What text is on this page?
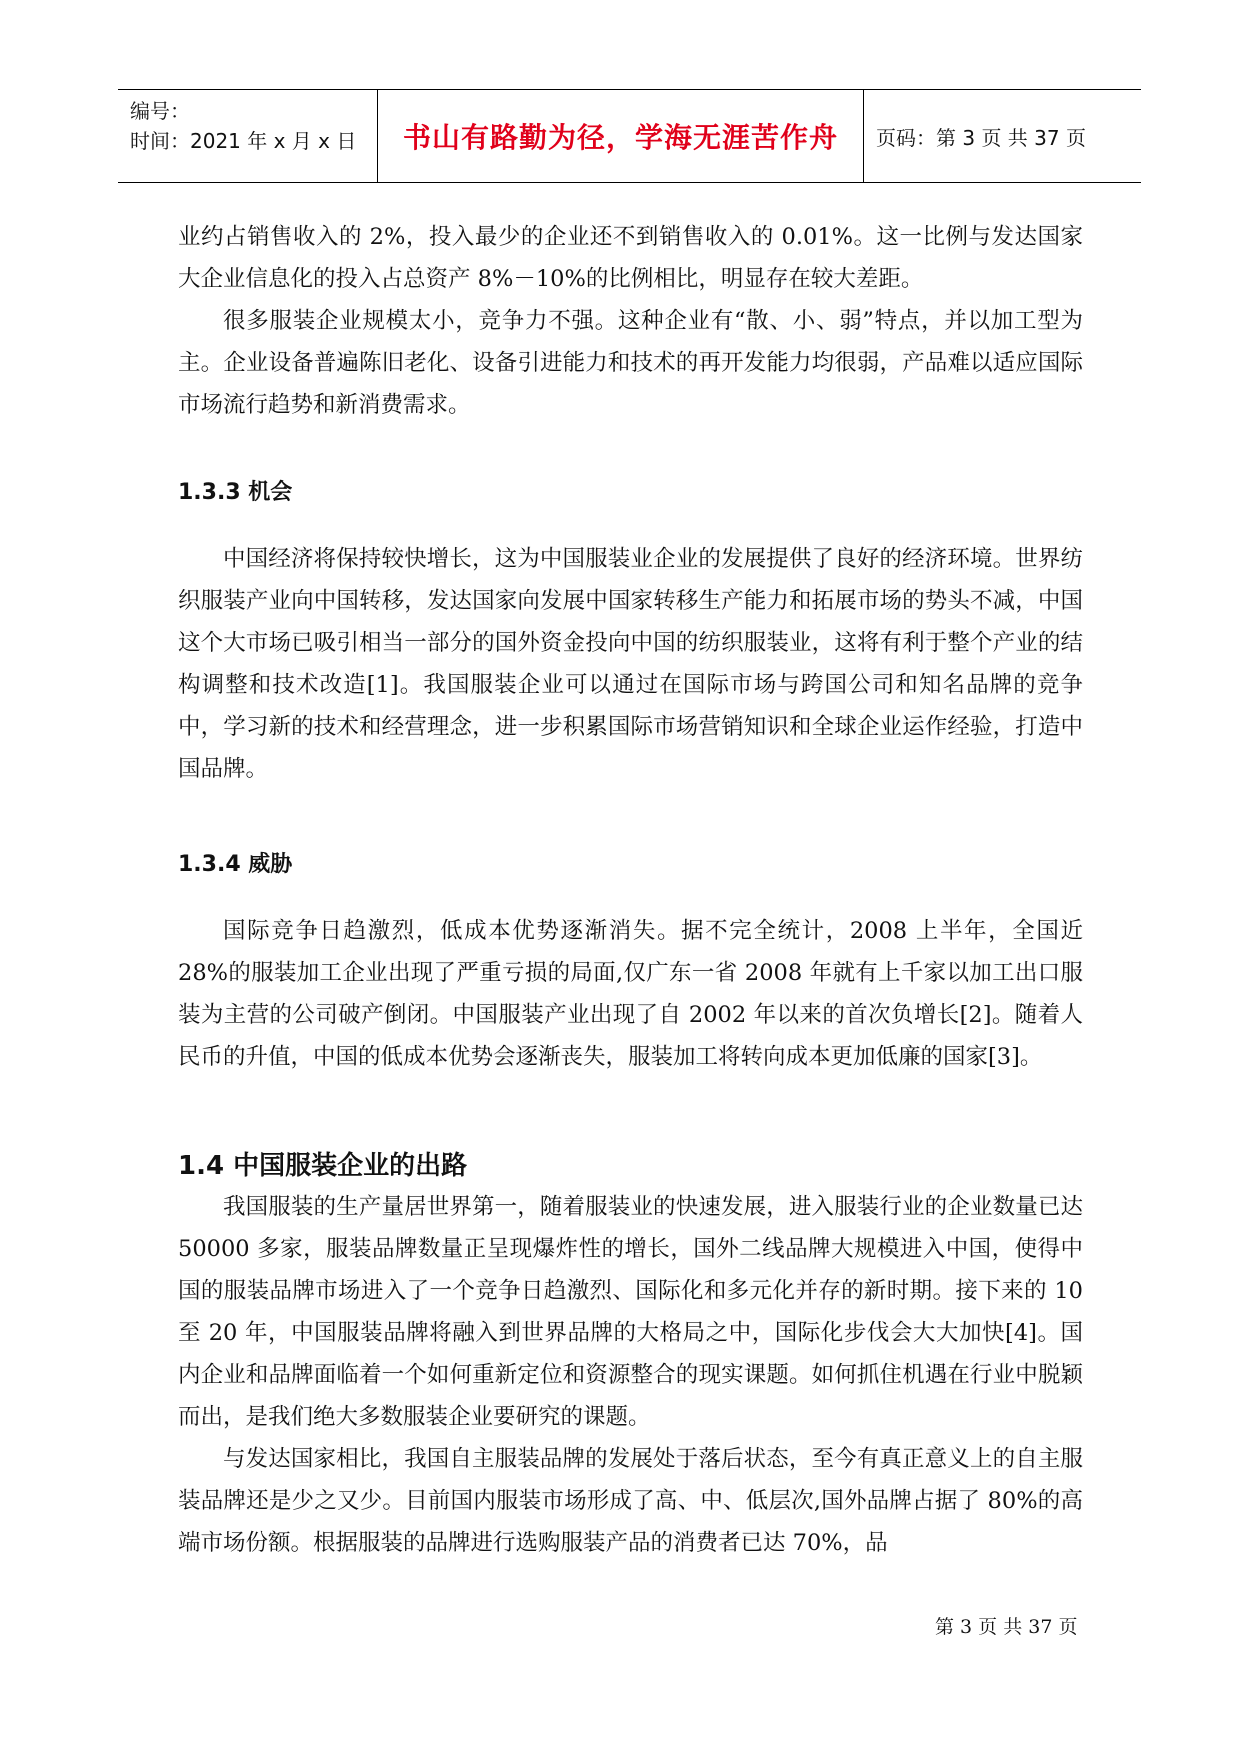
编号：
时间：2021 年 x 月 x 日	书山有路勤为径，学海无涯苦作舟	页码：第 3 页 共 37 页

业约占销售收入的 2%，投入最少的企业还不到销售收入的 0.01%。这一比例与发达国家大企业信息化的投入占总资产 8%－10%的比例相比，明显存在较大差距。

很多服装企业规模太小，竞争力不强。这种企业有“散、小、弱”特点，并以加工型为主。企业设备普遍陈旧老化、设备引进能力和技术的再开发能力均很弱，产品难以适应国际市场流行趋势和新消费需求。

1.3.3 机会

中国经济将保持较快增长，这为中国服装业企业的发展提供了良好的经济环境。世界纺织服装产业向中国转移，发达国家向发展中国家转移生产能力和拓展市场的势头不减，中国这个大市场已吸引相当一部分的国外资金投向中国的纺织服装业，这将有利于整个产业的结构调整和技术改造[1]。我国服装企业可以通过在国际市场与跨国公司和知名品牌的竞争中，学习新的技术和经营理念，进一步积累国际市场营销知识和全球企业运作经验，打造中国品牌。

1.3.4 威胁

国际竞争日趋激烈，低成本优势逐渐消失。据不完全统计，2008 上半年，全国近 28%的服装加工企业出现了严重亏损的局面,仅广东一省 2008 年就有上千家以加工出口服装为主营的公司破产倒闭。中国服装产业出现了自 2002 年以来的首次负增长[2]。随着人民币的升值，中国的低成本优势会逐渐丧失，服装加工将转向成本更加低廉的国家[3]。

1.4 中国服装企业的出路

我国服装的生产量居世界第一，随着服装业的快速发展，进入服装行业的企业数量已达 50000 多家，服装品牌数量正呈现爆炸性的增长，国外二线品牌大规模进入中国，使得中国的服装品牌市场进入了一个竞争日趋激烈、国际化和多元化并存的新时期。接下来的 10 至 20 年，中国服装品牌将融入到世界品牌的大格局之中，国际化步伐会大大加快[4]。国内企业和品牌面临着一个如何重新定位和资源整合的现实课题。如何抓住机遇在行业中脱颖而出，是我们绝大多数服装企业要研究的课题。

与发达国家相比，我国自主服装品牌的发展处于落后状态，至今有真正意义上的自主服装品牌还是少之又少。目前国内服装市场形成了高、中、低层次,国外品牌占据了 80%的高端市场份额。根据服装的品牌进行选购服装产品的消费者已达 70%，品

第 3 页 共 37 页
